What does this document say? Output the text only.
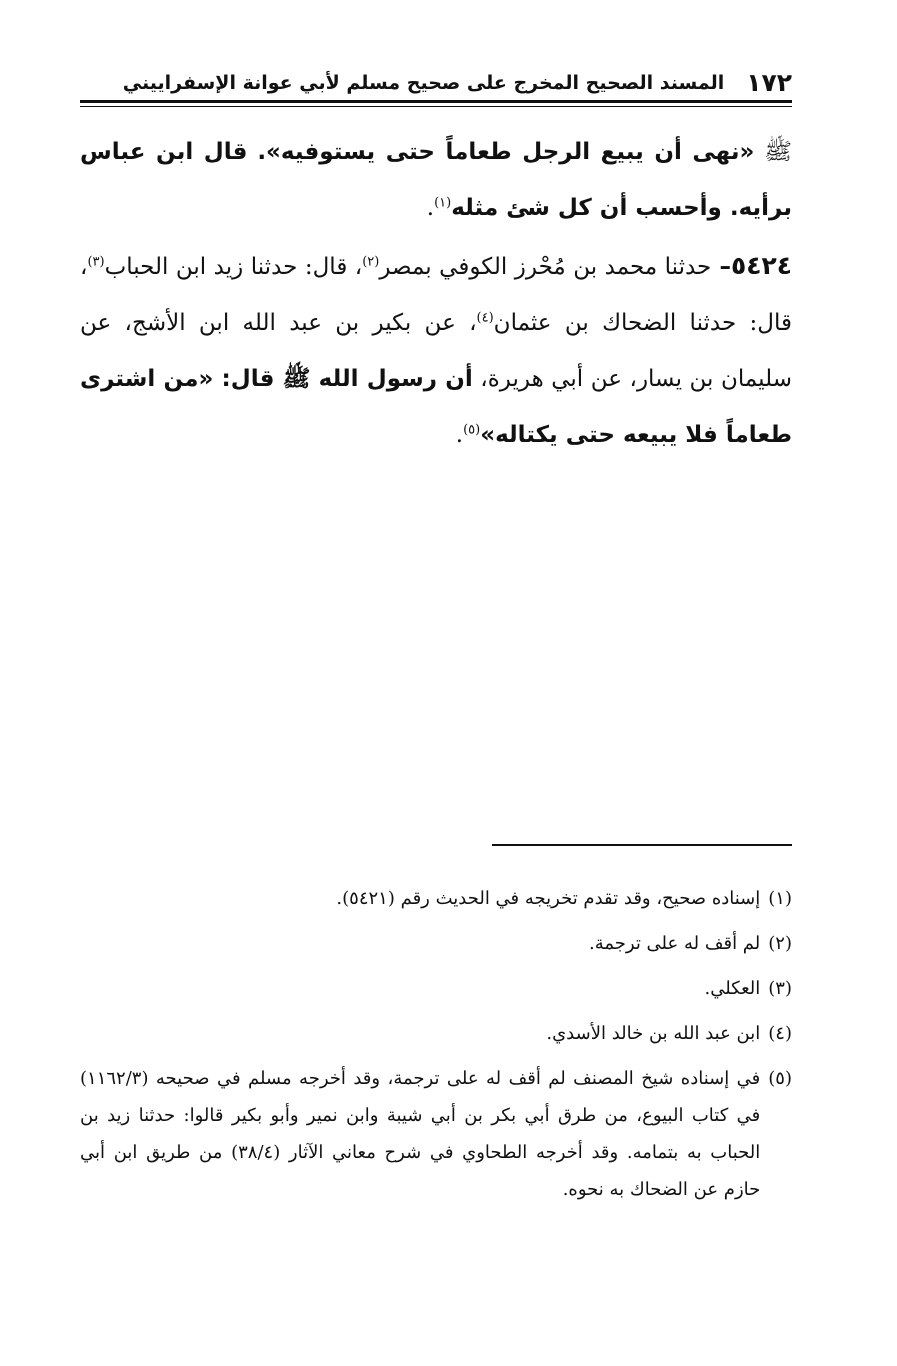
١٧٢
المسند الصحيح المخرج على صحيح مسلم لأبي عوانة الإسفراييني

ﷺ «نهى أن يبيع الرجل طعاماً حتى يستوفيه». قال ابن عباس برأيه. وأحسب أن كل شئ مثله$^{(١)}$.

٥٤٢٤– حدثنا محمد بن مُحْرز الكوفي بمصر$^{(٢)}$، قال: حدثنا زيد ابن الحباب$^{(٣)}$، قال: حدثنا الضحاك بن عثمان$^{(٤)}$، عن بكير بن عبد الله ابن الأشج، عن سليمان بن يسار، عن أبي هريرة، أن رسول الله ﷺ قال: «من اشترى طعاماً فلا يبيعه حتى يكتاله»$^{(٥)}$.

(١)
إسناده صحيح، وقد تقدم تخريجه في الحديث رقم (٥٤٢١).
(٢)
لم أقف له على ترجمة.
(٣)
العكلي.
(٤)
ابن عبد الله بن خالد الأسدي.
(٥)
في إسناده شيخ المصنف لم أقف له على ترجمة، وقد أخرجه مسلم في صحيحه (١١٦٢/٣) في كتاب البيوع، من طرق أبي بكر بن أبي شيبة وابن نمير وأبو بكير قالوا: حدثنا زيد بن الحباب به بتمامه. وقد أخرجه الطحاوي في شرح معاني الآثار (٣٨/٤) من طريق ابن أبي حازم عن الضحاك به نحوه.
